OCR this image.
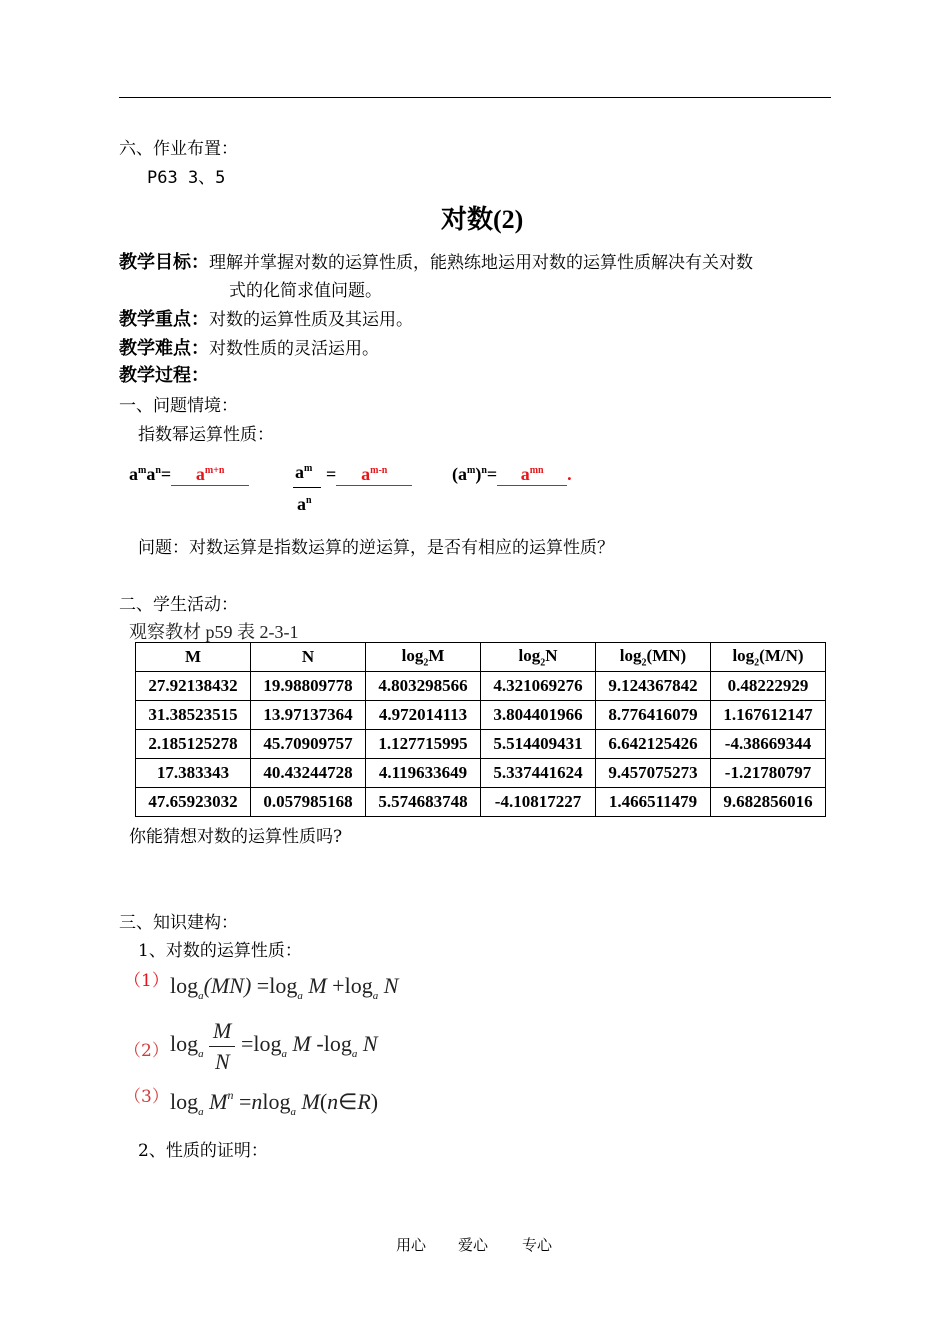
六、作业布置：
P63 3、5
对数(2)
教学目标：理解并掌握对数的运算性质，能熟练地运用对数的运算性质解决有关对数
式的化简求值问题。
教学重点：对数的运算性质及其运用。
教学难点：对数性质的灵活运用。
教学过程：
一、问题情境：
指数幂运算性质：
$a^ma^n= a^{m+n}$	$a^m$
$a^n$
= $a^{m-n}$	$(a^m)^n= a^{mn}$ .
问题：对数运算是指数运算的逆运算，是否有相应的运算性质？
二、学生活动：
观察教材 p59 表 2-3-1
M	N	$\log_2M$	$\log_2N$	$\log_2(MN)$	$\log_2(M/N)$
27.92138432	19.98809778	4.803298566	4.321069276	9.124367842	0.48222929
31.38523515	13.97137364	4.972014113	3.804401966	8.776416079	1.167612147
2.185125278	45.70909757	1.127715995	5.514409431	6.642125426	-4.38669344
17.383343	40.43244728	4.119633649	5.337441624	9.457075273	-1.21780797
47.65923032	0.057985168	5.574683748	-4.10817227	1.466511479	9.682856016
你能猜想对数的运算性质吗?
三、知识建构：
1、对数的运算性质：
（1） $\log_a(MN) =\log_a$ $M +\log_a$ N
（2） $\log_a$
M
N
$=\log_a$ M $-\log_a$ N
（3） $\log_a M^n =nlog_a$ M(n∈R)
2、性质的证明：
用心 爱心 专心
